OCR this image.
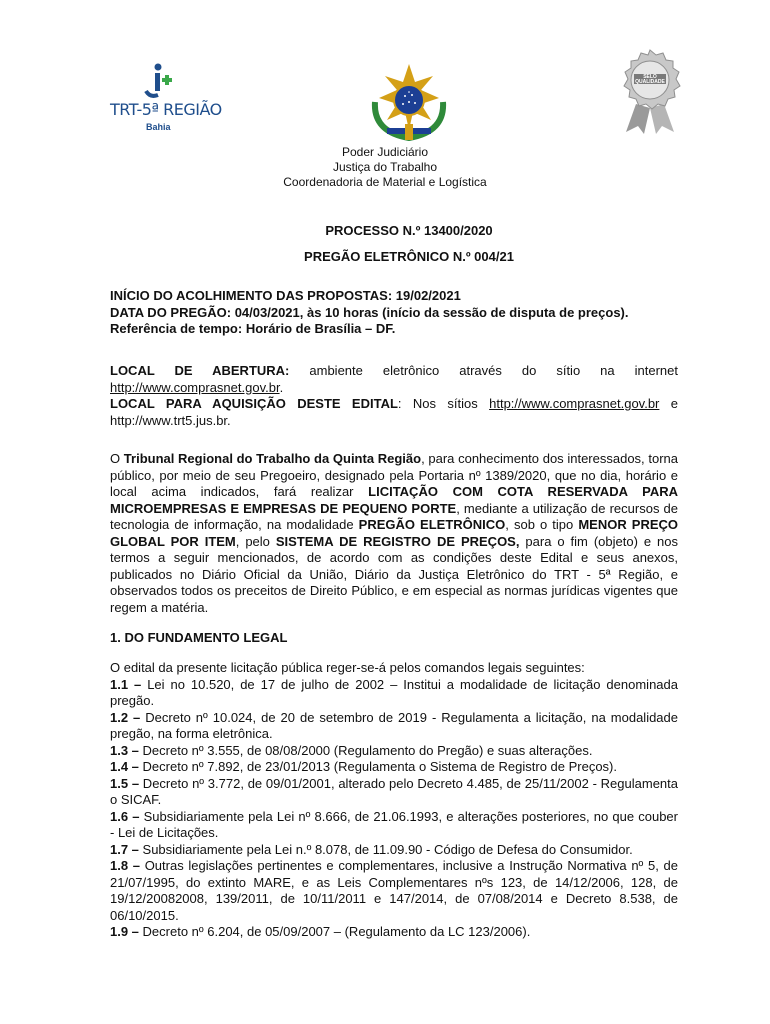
TRT-5ª REGIÃO
Bahia
SELO QUALIDADE

Poder Judiciário

Justiça do Trabalho

Coordenadoria de Material e Logística

PROCESSO N.º 13400/2020
PREGÃO ELETRÔNICO N.º 004/21

INÍCIO DO ACOLHIMENTO DAS PROPOSTAS: 19/02/2021

DATA DO PREGÃO: 04/03/2021, às 10 horas (início da sessão de disputa de preços).

Referência de tempo: Horário de Brasília – DF.

LOCAL DE ABERTURA: ambiente eletrônico através do sítio na internet

http://www.comprasnet.gov.br.

LOCAL PARA AQUISIÇÃO DESTE EDITAL: Nos sítios http://www.comprasnet.gov.br e

http://www.trt5.jus.br.

O Tribunal Regional do Trabalho da Quinta Região, para conhecimento dos interessados, torna público, por meio de seu Pregoeiro, designado pela Portaria nº 1389/2020, que no dia, horário e local acima indicados, fará realizar LICITAÇÃO COM COTA RESERVADA PARA MICROEMPRESAS E EMPRESAS DE PEQUENO PORTE, mediante a utilização de recursos de tecnologia de informação, na modalidade PREGÃO ELETRÔNICO, sob o tipo MENOR PREÇO GLOBAL POR ITEM, pelo SISTEMA DE REGISTRO DE PREÇOS, para o fim (objeto) e nos termos a seguir mencionados, de acordo com as condições deste Edital e seus anexos, publicados no Diário Oficial da União, Diário da Justiça Eletrônico do TRT - 5ª Região, e observados todos os preceitos de Direito Público, e em especial as normas jurídicas vigentes que regem a matéria.
1. DO FUNDAMENTO LEGAL

O edital da presente licitação pública reger-se-á pelos comandos legais seguintes:

1.1 – Lei no 10.520, de 17 de julho de 2002 – Institui a modalidade de licitação denominada pregão.

1.2 – Decreto nº 10.024, de 20 de setembro de 2019 - Regulamenta a licitação, na modalidade pregão, na forma eletrônica.

1.3 – Decreto nº 3.555, de 08/08/2000 (Regulamento do Pregão) e suas alterações.

1.4 – Decreto nº 7.892, de 23/01/2013 (Regulamenta o Sistema de Registro de Preços).

1.5 – Decreto nº 3.772, de 09/01/2001, alterado pelo Decreto 4.485, de 25/11/2002 - Regulamenta o SICAF.

1.6 – Subsidiariamente pela Lei nº 8.666, de 21.06.1993, e alterações posteriores, no que couber - Lei de Licitações.

1.7 – Subsidiariamente pela Lei n.º 8.078, de 11.09.90 - Código de Defesa do Consumidor.

1.8 – Outras legislações pertinentes e complementares, inclusive a Instrução Normativa nº 5, de 21/07/1995, do extinto MARE, e as Leis Complementares nºs 123, de 14/12/2006, 128, de 19/12/20082008, 139/2011, de 10/11/2011 e 147/2014, de 07/08/2014 e Decreto 8.538, de 06/10/2015.

1.9 – Decreto nº 6.204, de 05/09/2007 – (Regulamento da LC 123/2006).
